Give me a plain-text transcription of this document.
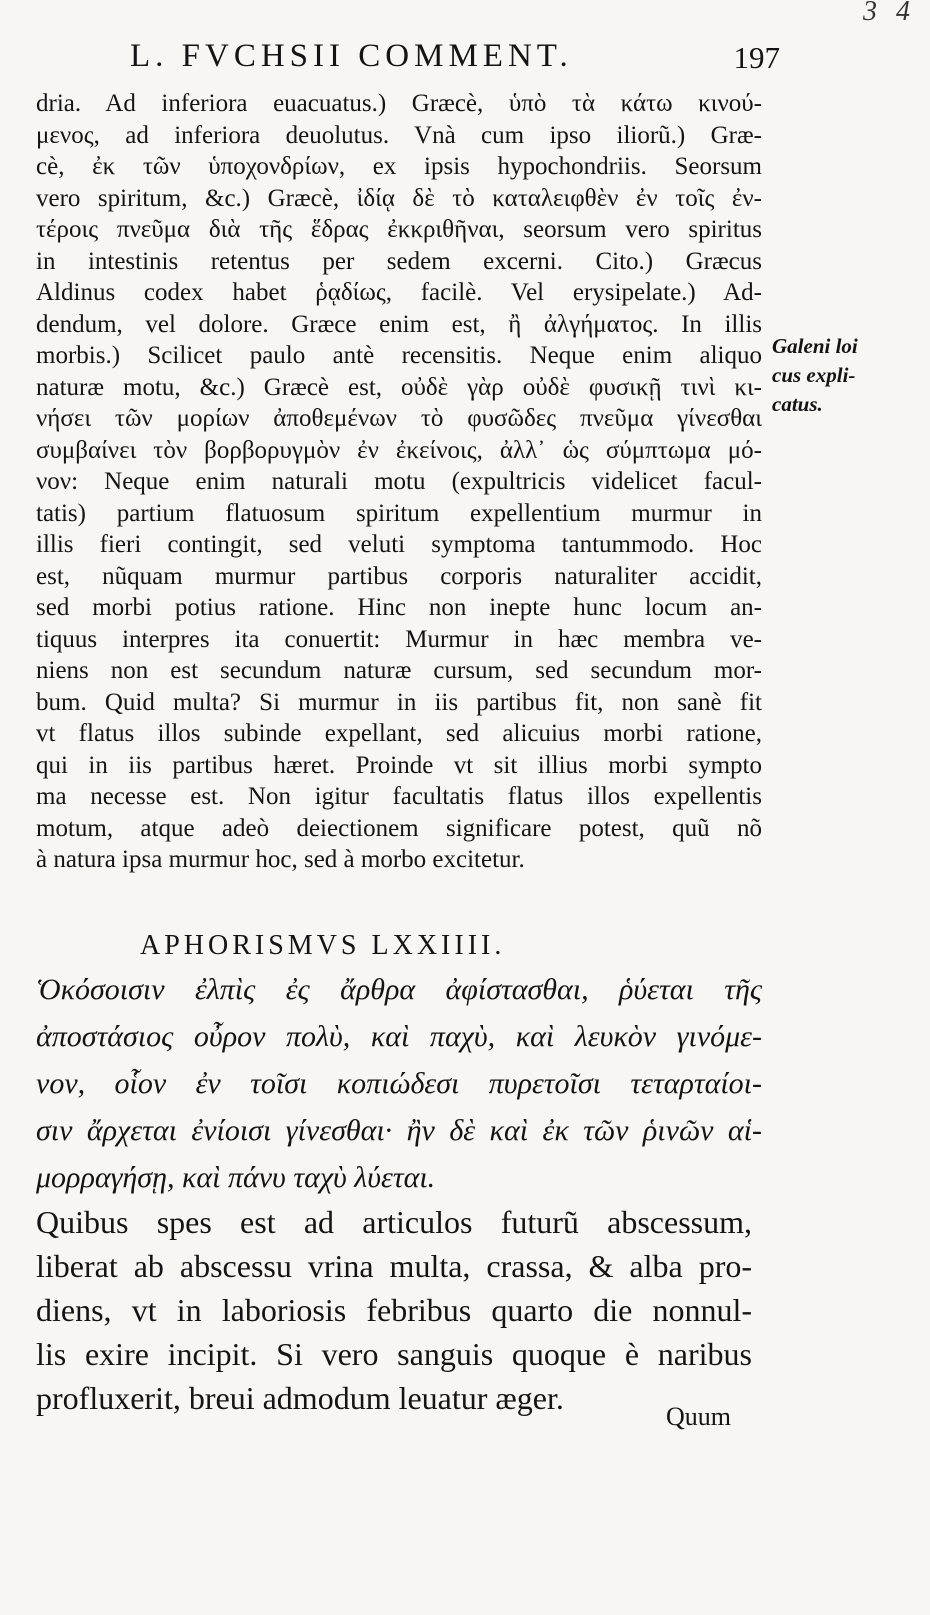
3 4
L. FVCHSII COMMENT.	197
dria. Ad inferiora euacuatus.) Græcè, ὑπὸ τὰ κάτω κινού-
μενος, ad inferiora deuolutus. Vnà cum ipso iliorũ.) Græ-
cè, ἐκ τῶν ὑποχονδρίων, ex ipsis hypochondriis. Seorsum
vero spiritum, &c.) Græcè, ἰδίᾳ δὲ τὸ καταλειφθὲν ἐν τοῖς ἐν-
τέροις πνεῦμα διὰ τῆς ἕδρας ἐκκριθῆναι, seorsum vero spiritus
in intestinis retentus per sedem excerni. Cito.) Græcus
Aldinus codex habet ῥᾳδίως, facilè. Vel erysipelate.) Ad-
dendum, vel dolore. Græce enim est, ἢ ἀλγήματος. In illis
morbis.) Scilicet paulo antè recensitis. Neque enim aliquo
naturæ motu, &c.) Græcè est, οὐδὲ γὰρ οὐδὲ φυσικῇ τινὶ κι-
νήσει τῶν μορίων ἀποθεμένων τὸ φυσῶδες πνεῦμα γίνεσθαι
συμβαίνει τὸν βορβορυγμὸν ἐν ἐκείνοις, ἀλλ᾽ ὡς σύμπτωμα μό-
νον: Neque enim naturali motu (expultricis videlicet facul-
tatis) partium flatuosum spiritum expellentium murmur in
illis fieri contingit, sed veluti symptoma tantummodo. Hoc
est, nũquam murmur partibus corporis naturaliter accidit,
sed morbi potius ratione. Hinc non inepte hunc locum an-
tiquus interpres ita conuertit: Murmur in hæc membra ve-
niens non est secundum naturæ cursum, sed secundum mor-
bum. Quid multa? Si murmur in iis partibus fit, non sanè fit
vt flatus illos subinde expellant, sed alicuius morbi ratione,
qui in iis partibus hæret. Proinde vt sit illius morbi sympto
ma necesse est. Non igitur facultatis flatus illos expellentis
motum, atque adeò deiectionem significare potest, quũ nõ
à natura ipsa murmur hoc, sed à morbo excitetur.
Galeni loi
cus expli-
catus.
APHORISMVS LXXIIII.
Ὁκόσοισιν ἐλπὶς ἐς ἄρθρα ἀφίστασθαι, ῥύεται τῆς
ἀποστάσιος οὖρον πολὺ, καὶ παχὺ, καὶ λευκὸν γινόμε-
νον, οἷον ἐν τοῖσι κοπιώδεσι πυρετοῖσι τεταρταίοι-
σιν ἄρχεται ἐνίοισι γίνεσθαι· ἢν δὲ καὶ ἐκ τῶν ῥινῶν αἱ-
μορραγήσῃ, καὶ πάνυ ταχὺ λύεται.
Quibus spes est ad articulos futurũ abscessum,
liberat ab abscessu vrina multa, crassa, & alba pro-
diens, vt in laboriosis febribus quarto die nonnul-
lis exire incipit. Si vero sanguis quoque è naribus
profluxerit, breui admodum leuatur æger.
Quum
